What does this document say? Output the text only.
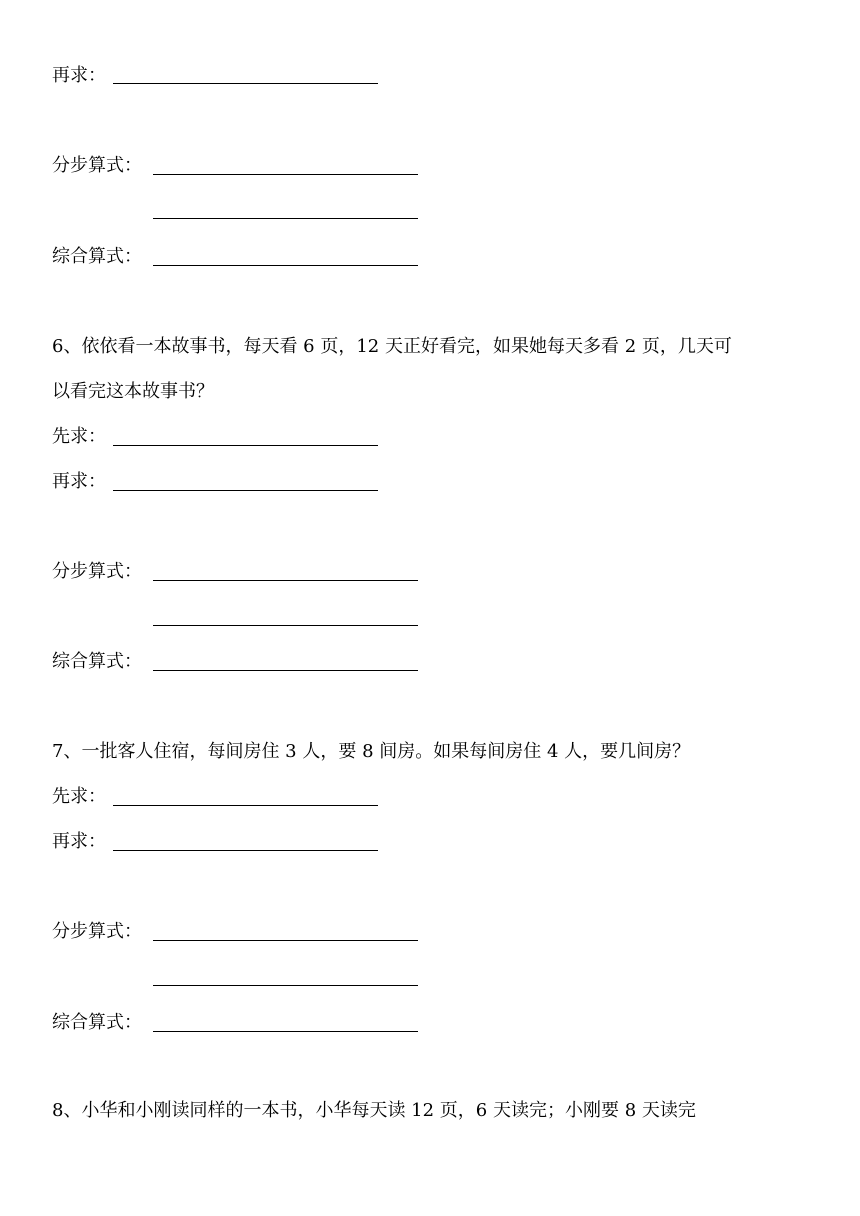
再求：
分步算式：
综合算式：
6、依依看一本故事书，每天看 6 页，12 天正好看完，如果她每天多看 2 页，几天可
以看完这本故事书？
先求：
再求：
分步算式：
综合算式：
7、一批客人住宿，每间房住 3 人，要 8 间房。如果每间房住 4 人，要几间房？
先求：
再求：
分步算式：
综合算式：
8、小华和小刚读同样的一本书，小华每天读 12 页，6 天读完；小刚要 8 天读完
